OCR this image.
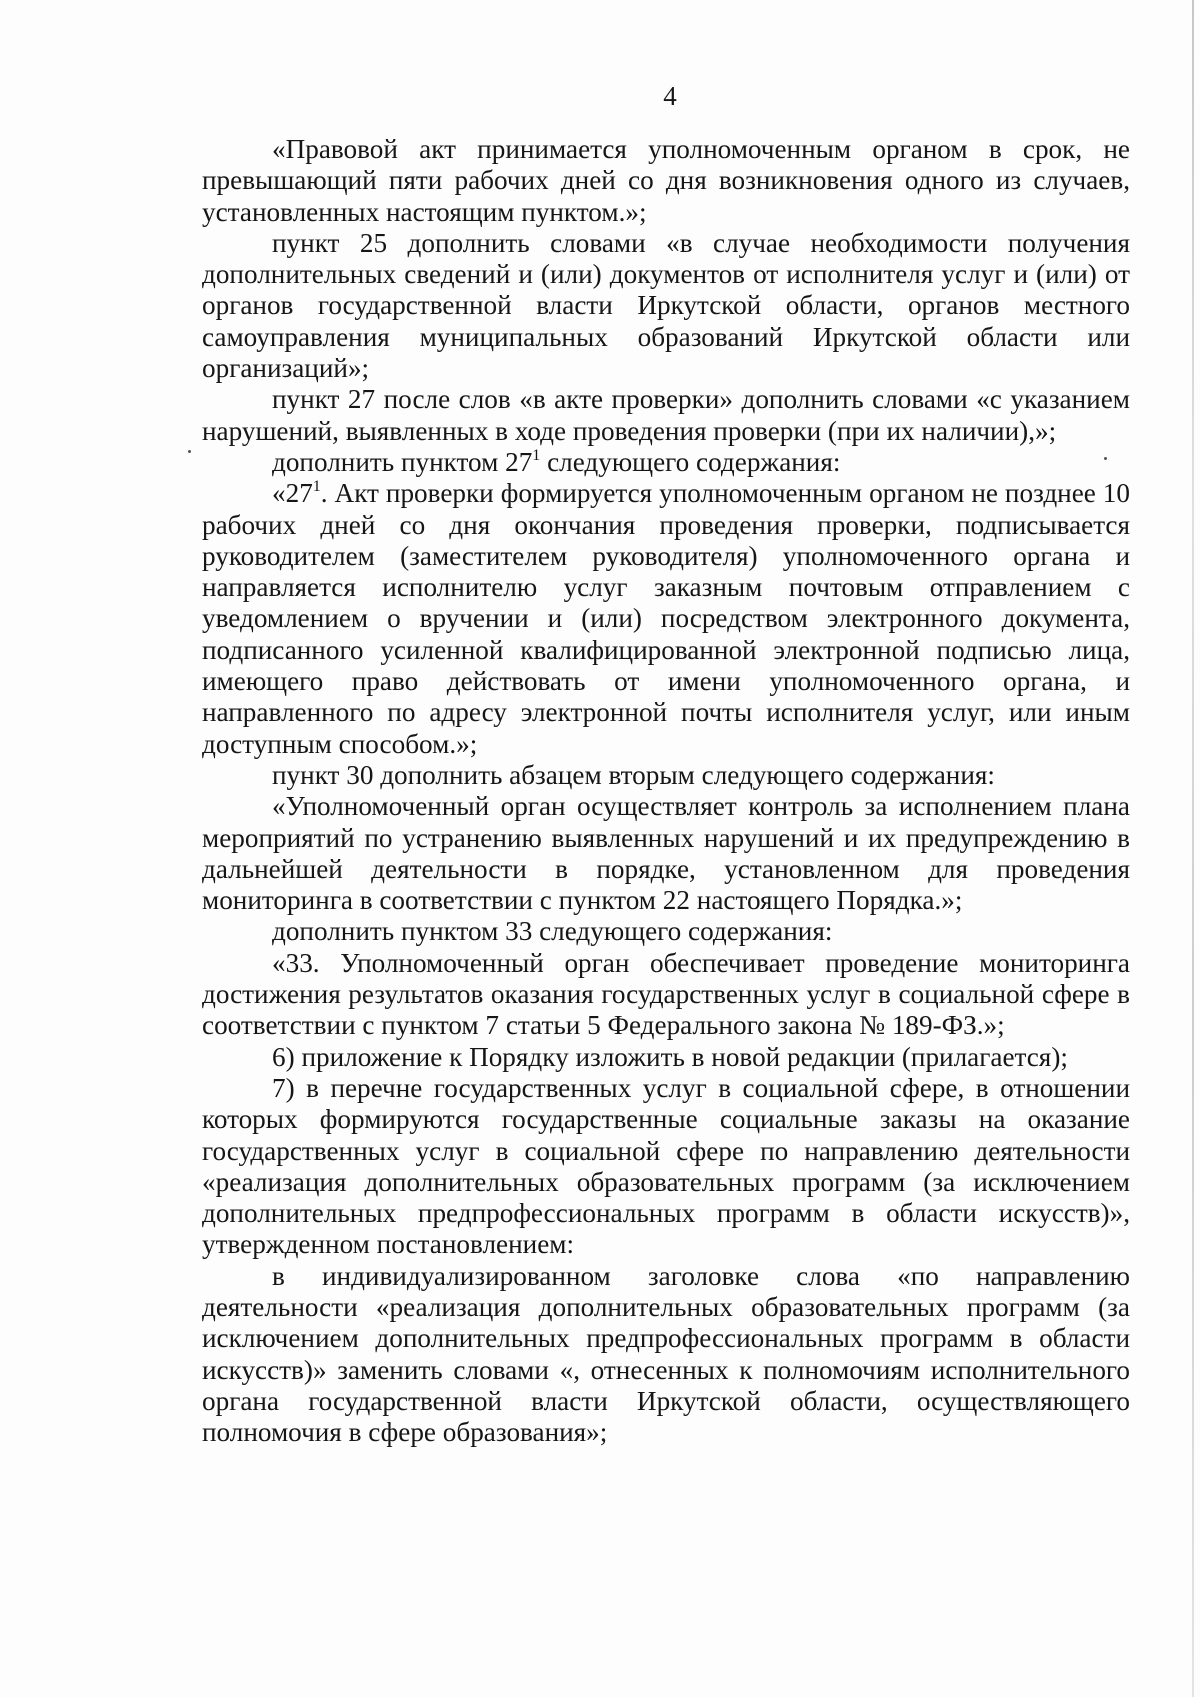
4

«Правовой акт принимается уполномоченным органом в срок, не превышающий пяти рабочих дней со дня возникновения одного из случаев, установленных настоящим пунктом.»;

пункт 25 дополнить словами «в случае необходимости получения дополнительных сведений и (или) документов от исполнителя услуг и (или) от органов государственной власти Иркутской области, органов местного самоуправления муниципальных образований Иркутской области или организаций»;

пункт 27 после слов «в акте проверки» дополнить словами «с указанием нарушений, выявленных в ходе проведения проверки (при их наличии),»;

дополнить пунктом $27^1$ следующего содержания:

«$27^1$. Акт проверки формируется уполномоченным органом не позднее 10 рабочих дней со дня окончания проведения проверки, подписывается руководителем (заместителем руководителя) уполномоченного органа и направляется исполнителю услуг заказным почтовым отправлением с уведомлением о вручении и (или) посредством электронного документа, подписанного усиленной квалифицированной электронной подписью лица, имеющего право действовать от имени уполномоченного органа, и направленного по адресу электронной почты исполнителя услуг, или иным доступным способом.»;

пункт 30 дополнить абзацем вторым следующего содержания:

«Уполномоченный орган осуществляет контроль за исполнением плана мероприятий по устранению выявленных нарушений и их предупреждению в дальнейшей деятельности в порядке, установленном для проведения мониторинга в соответствии с пунктом 22 настоящего Порядка.»;

дополнить пунктом 33 следующего содержания:

«33. Уполномоченный орган обеспечивает проведение мониторинга достижения результатов оказания государственных услуг в социальной сфере в соответствии с пунктом 7 статьи 5 Федерального закона № 189-ФЗ.»;

6) приложение к Порядку изложить в новой редакции (прилагается);

7) в перечне государственных услуг в социальной сфере, в отношении которых формируются государственные социальные заказы на оказание государственных услуг в социальной сфере по направлению деятельности «реализация дополнительных образовательных программ (за исключением дополнительных предпрофессиональных программ в области искусств)», утвержденном постановлением:

в индивидуализированном заголовке слова «по направлению деятельности «реализация дополнительных образовательных программ (за исключением дополнительных предпрофессиональных программ в области искусств)» заменить словами «, отнесенных к полномочиям исполнительного органа государственной власти Иркутской области, осуществляющего полномочия в сфере образования»;
